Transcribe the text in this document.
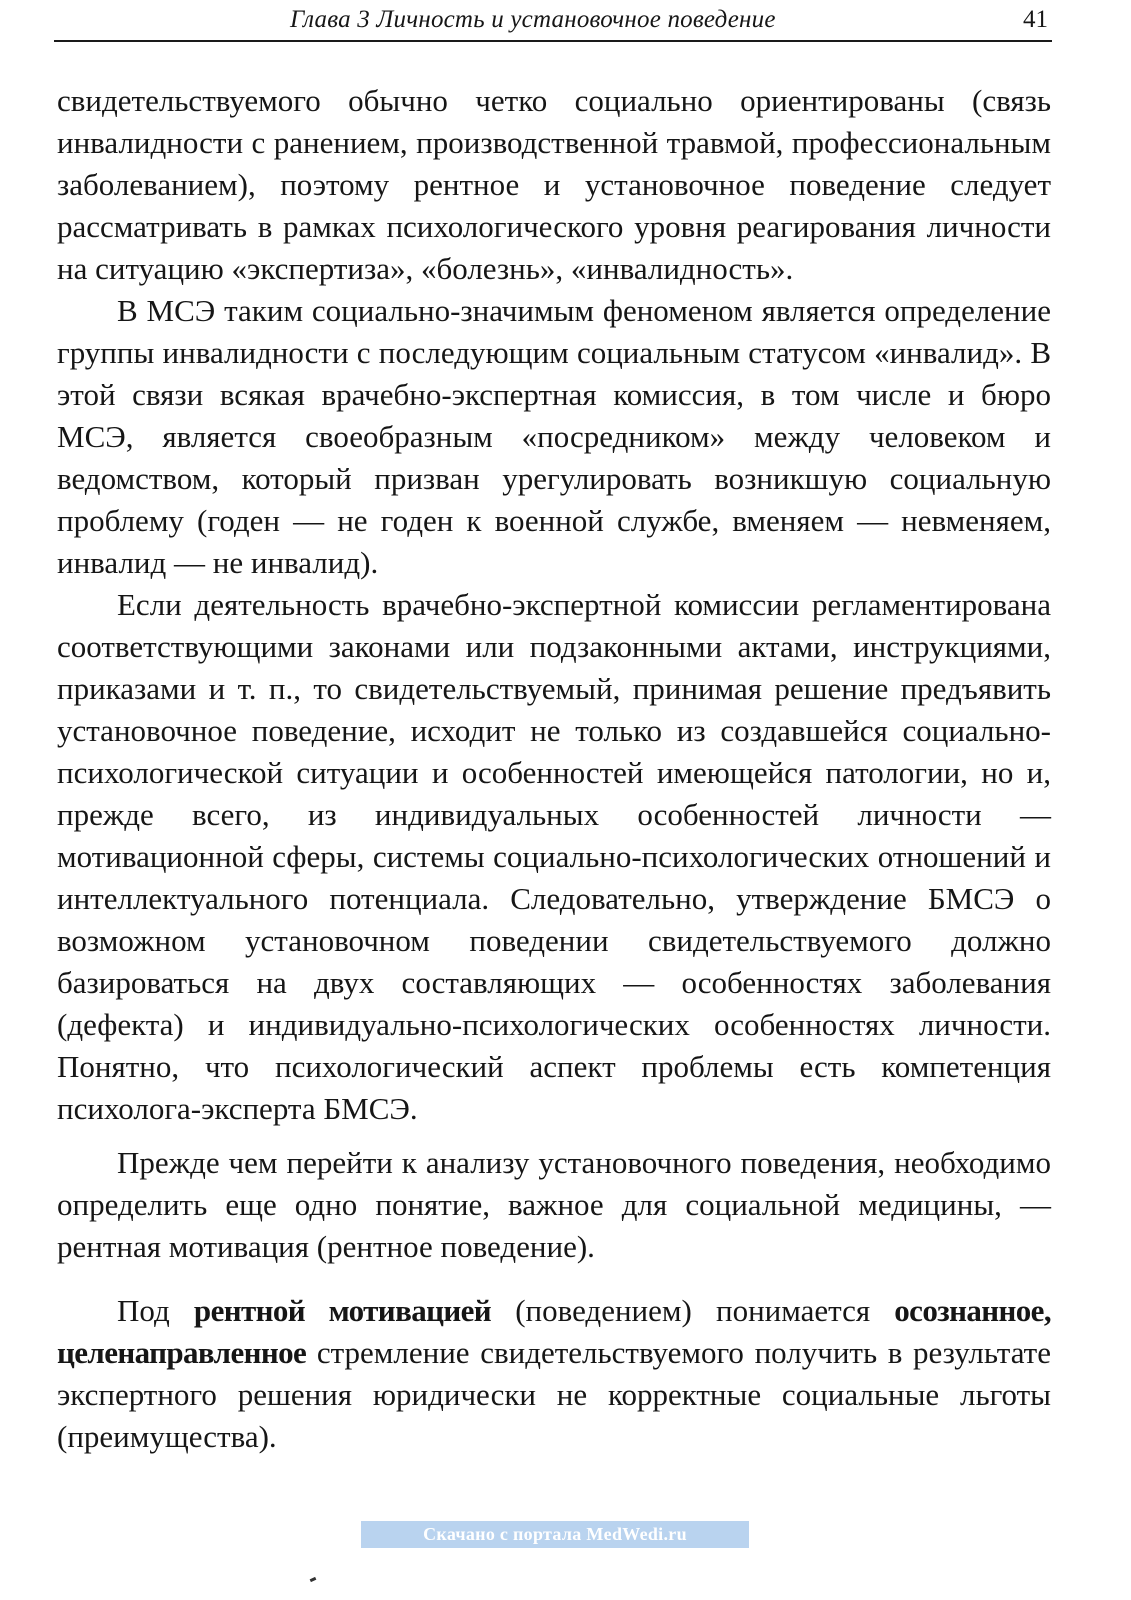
Глава 3 Личность и установочное поведение	41

свидетельствуемого обычно четко социально ориентированы (связь инвалидности с ранением, производственной травмой, профессиональным заболеванием), поэтому рентное и установочное поведение следует рассматривать в рамках психологического уровня реагирования личности на ситуацию «экспертиза», «болезнь», «инвалидность».

В МСЭ таким социально-значимым феноменом является определение группы инвалидности с последующим социальным статусом «инвалид». В этой связи всякая врачебно-экспертная комиссия, в том числе и бюро МСЭ, является своеобразным «посредником» между человеком и ведомством, который призван урегулировать возникшую социальную проблему (годен — не годен к военной службе, вменяем — невменяем, инвалид — не инвалид).

Если деятельность врачебно-экспертной комиссии регламентирована соответствующими законами или подзаконными актами, инструкциями, приказами и т. п., то свидетельствуемый, принимая решение предъявить установочное поведение, исходит не только из создавшейся социально-психологической ситуации и особенностей имеющейся патологии, но и, прежде всего, из индивидуальных особенностей личности — мотивационной сферы, системы социально-психологических отношений и интеллектуального потенциала. Следовательно, утверждение БМСЭ о возможном установочном поведении свидетельствуемого должно базироваться на двух составляющих — особенностях заболевания (дефекта) и индивидуально-психологических особенностях личности. Понятно, что психологический аспект проблемы есть компетенция психолога-эксперта БМСЭ.

Прежде чем перейти к анализу установочного поведения, необходимо определить еще одно понятие, важное для социальной медицины, — рентная мотивация (рентное поведение).

Под рентной мотивацией (поведением) понимается осознанное, целенаправленное стремление свидетельствуемого получить в результате экспертного решения юридически не корректные социальные льготы (преимущества).

Скачано с портала MedWedi.ru
